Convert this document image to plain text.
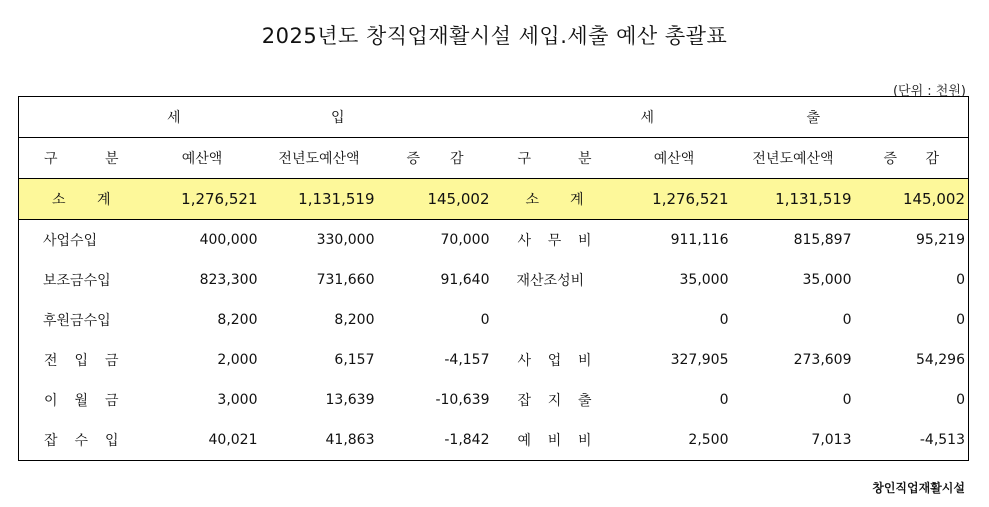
2025년도 창직업재활시설 세입.세출 예산 총괄표
(단위 : 천원)
세 입				세 출			

구 분	예산액	전년도예산액	증 감	구 분	예산액	전년도예산액	증 감

소 계	1,276,521	1,131,519	145,002	소 계	1,276,521	1,131,519	145,002
사업수입	400,000	330,000	70,000	사 무 비	911,116	815,897	95,219
보조금수입	823,300	731,660	91,640	재산조성비	35,000	35,000	0
후원금수입	8,200	8,200	0		0	0	0

전 입 금	2,000	6,157	-4,157	사 업 비	327,905	273,609	54,296

이 월 금	3,000	13,639	-10,639	잡 지 출	0	0	0

잡 수 입	40,021	41,863	-1,842	예 비 비	2,500	7,013	-4,513
창인직업재활시설
